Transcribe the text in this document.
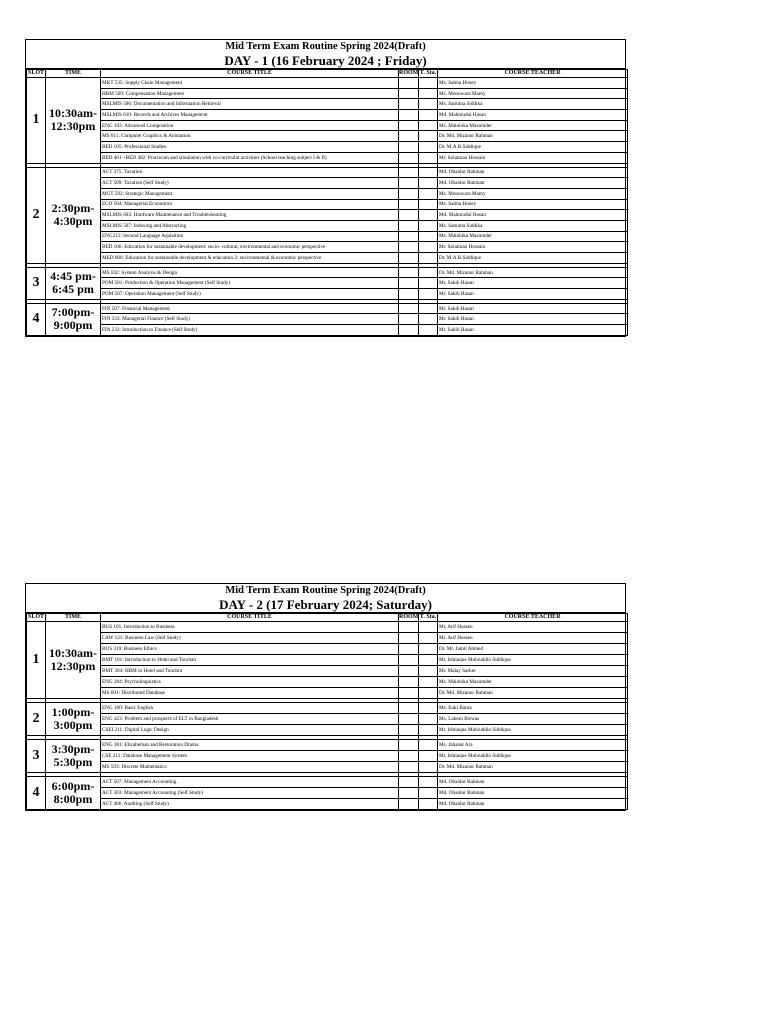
Mid Term Exam Routine Spring 2024(Draft)
DAY - 1 (16 February 2024 ; Friday)
SLOT	TIME	COURSE TITLE	ROOM	T. Sta.	COURSE TEACHER
1	10:30am-12:30pm	MKT 535: Supply Chain Management			Ms. Salma Honey
		HRM 509: Compensation Management			Ms. Monowara Mamy
		MSLMIS 506: Documentation and Information Retrieval			Ms. Samima Siddika
		MSLMIS 610: Records and Archives Management			Md. Mahmudul Hasan
		ENG 102: Advanced Composition			Ms. Malobika Mazumder
		MS 611: Computer Graphics & Animation			Dr. Md. Mizanur Rahman
		BED 105: Professional Studies			Dr. M.A.B.Siddique
		BED 401 +BED 402: Practicum and simulation with co-curricular activities (School teaching subject I & II)			Mr. Solaiman Hossain

2	2:30pm-4:30pm	ACT 375: Taxation			Md. Obaidur Rahman
		ACT 509: Taxation (Self Study)			Md. Obaidur Rahman
		MGT 593: Strategic Management			Ms. Monowara Mamy
		ECO 504: Managerial Economics			Ms. Salma Honey
		MSLMIS 603: Hardware Maintenance and Troubleshooting			Md. Mahmudul Hasan
		MSLMIS 507: Indexing and Abstracting			Ms. Samima Siddika
		ENG212: Second Language Aquisition			Ms. Malobika Mazumder
		BED 106: Education for sustainable development: socio- cultural, environmental and economic perspective			Mr. Solaiman Hossain
		MED 606: Education for sustainable development & education 2: environmental & economic perspective			Dr. M.A.B.Siddique

3	4:45 pm-6:45 pm	MS 592: System Analysis & Design			Dr. Md. Mizanur Rahman
		POM 501: Production & Operation Management (Self Study)			Mr. Sakib Hasan
		POM 507: Operation Management (Self Study)			Mr. Sakib Hasan

4	7:00pm-9:00pm	FIN 507: Financial Management			Mr. Sakib Hasan
		FIN 333: Managerial Finance (Self Study)			Mr. Sakib Hasan
		FIN 233: Introduction to Finance (Self Study)			Mr. Sakib Hasan
Mid Term Exam Routine Spring 2024(Draft)
DAY - 2 (17 February 2024; Saturday)
SLOT	TIME	COURSE TITLE	ROOM	T. Sta.	COURSE TEACHER
1	10:30am-12:30pm	BUS 101: Introduction to Business			Mr. Arif Hossen
		LAW 121: Business Law (Self Study)			Mr. Arif Hossen
		BUS 319: Business Ethics			Dr. Mr. Jamil Ahmed
		BMT 101: Introduction to Hotel and Tourism			Mr. Ishtiaque Mohiuddin Siddique
		BMT 304: HRM in Hotel and Tourism			Mr. Malay Sarker
		ENG 204: Psycholinguistics			Ms. Malobika Mazumder
		MS 601: Distributed Database			Dr. Md. Mizanur Rahman

2	1:00pm-3:00pm	ENG 100: Basic English			Ms. Euki Barua
		ENG 423: Problem and prospects of ELT in Bangladesh			Ms. Laboni Biswas
		CSEI 211: Digital Logic Design			Mr. Ishtiaque Mohiuddin Siddique

3	3:30pm-5:30pm	ENG 301: Elizabethan and Restoration Drama			Ms. Jahanat Ara
		CSE 311: Database Management System			Mr. Ishtiaque Mohiuddin Siddique
		MS 593: Discrete Mathematics			Dr. Md. Mizanur Rahman

4	6:00pm-8:00pm	ACT 507: Management Accounting			Md. Obaidur Rahman
		ACT 303: Management Accounting (Self Study)			Md. Obaidur Rahman
		ACT 406: Auditing (Self Study)			Md. Obaidur Rahman
